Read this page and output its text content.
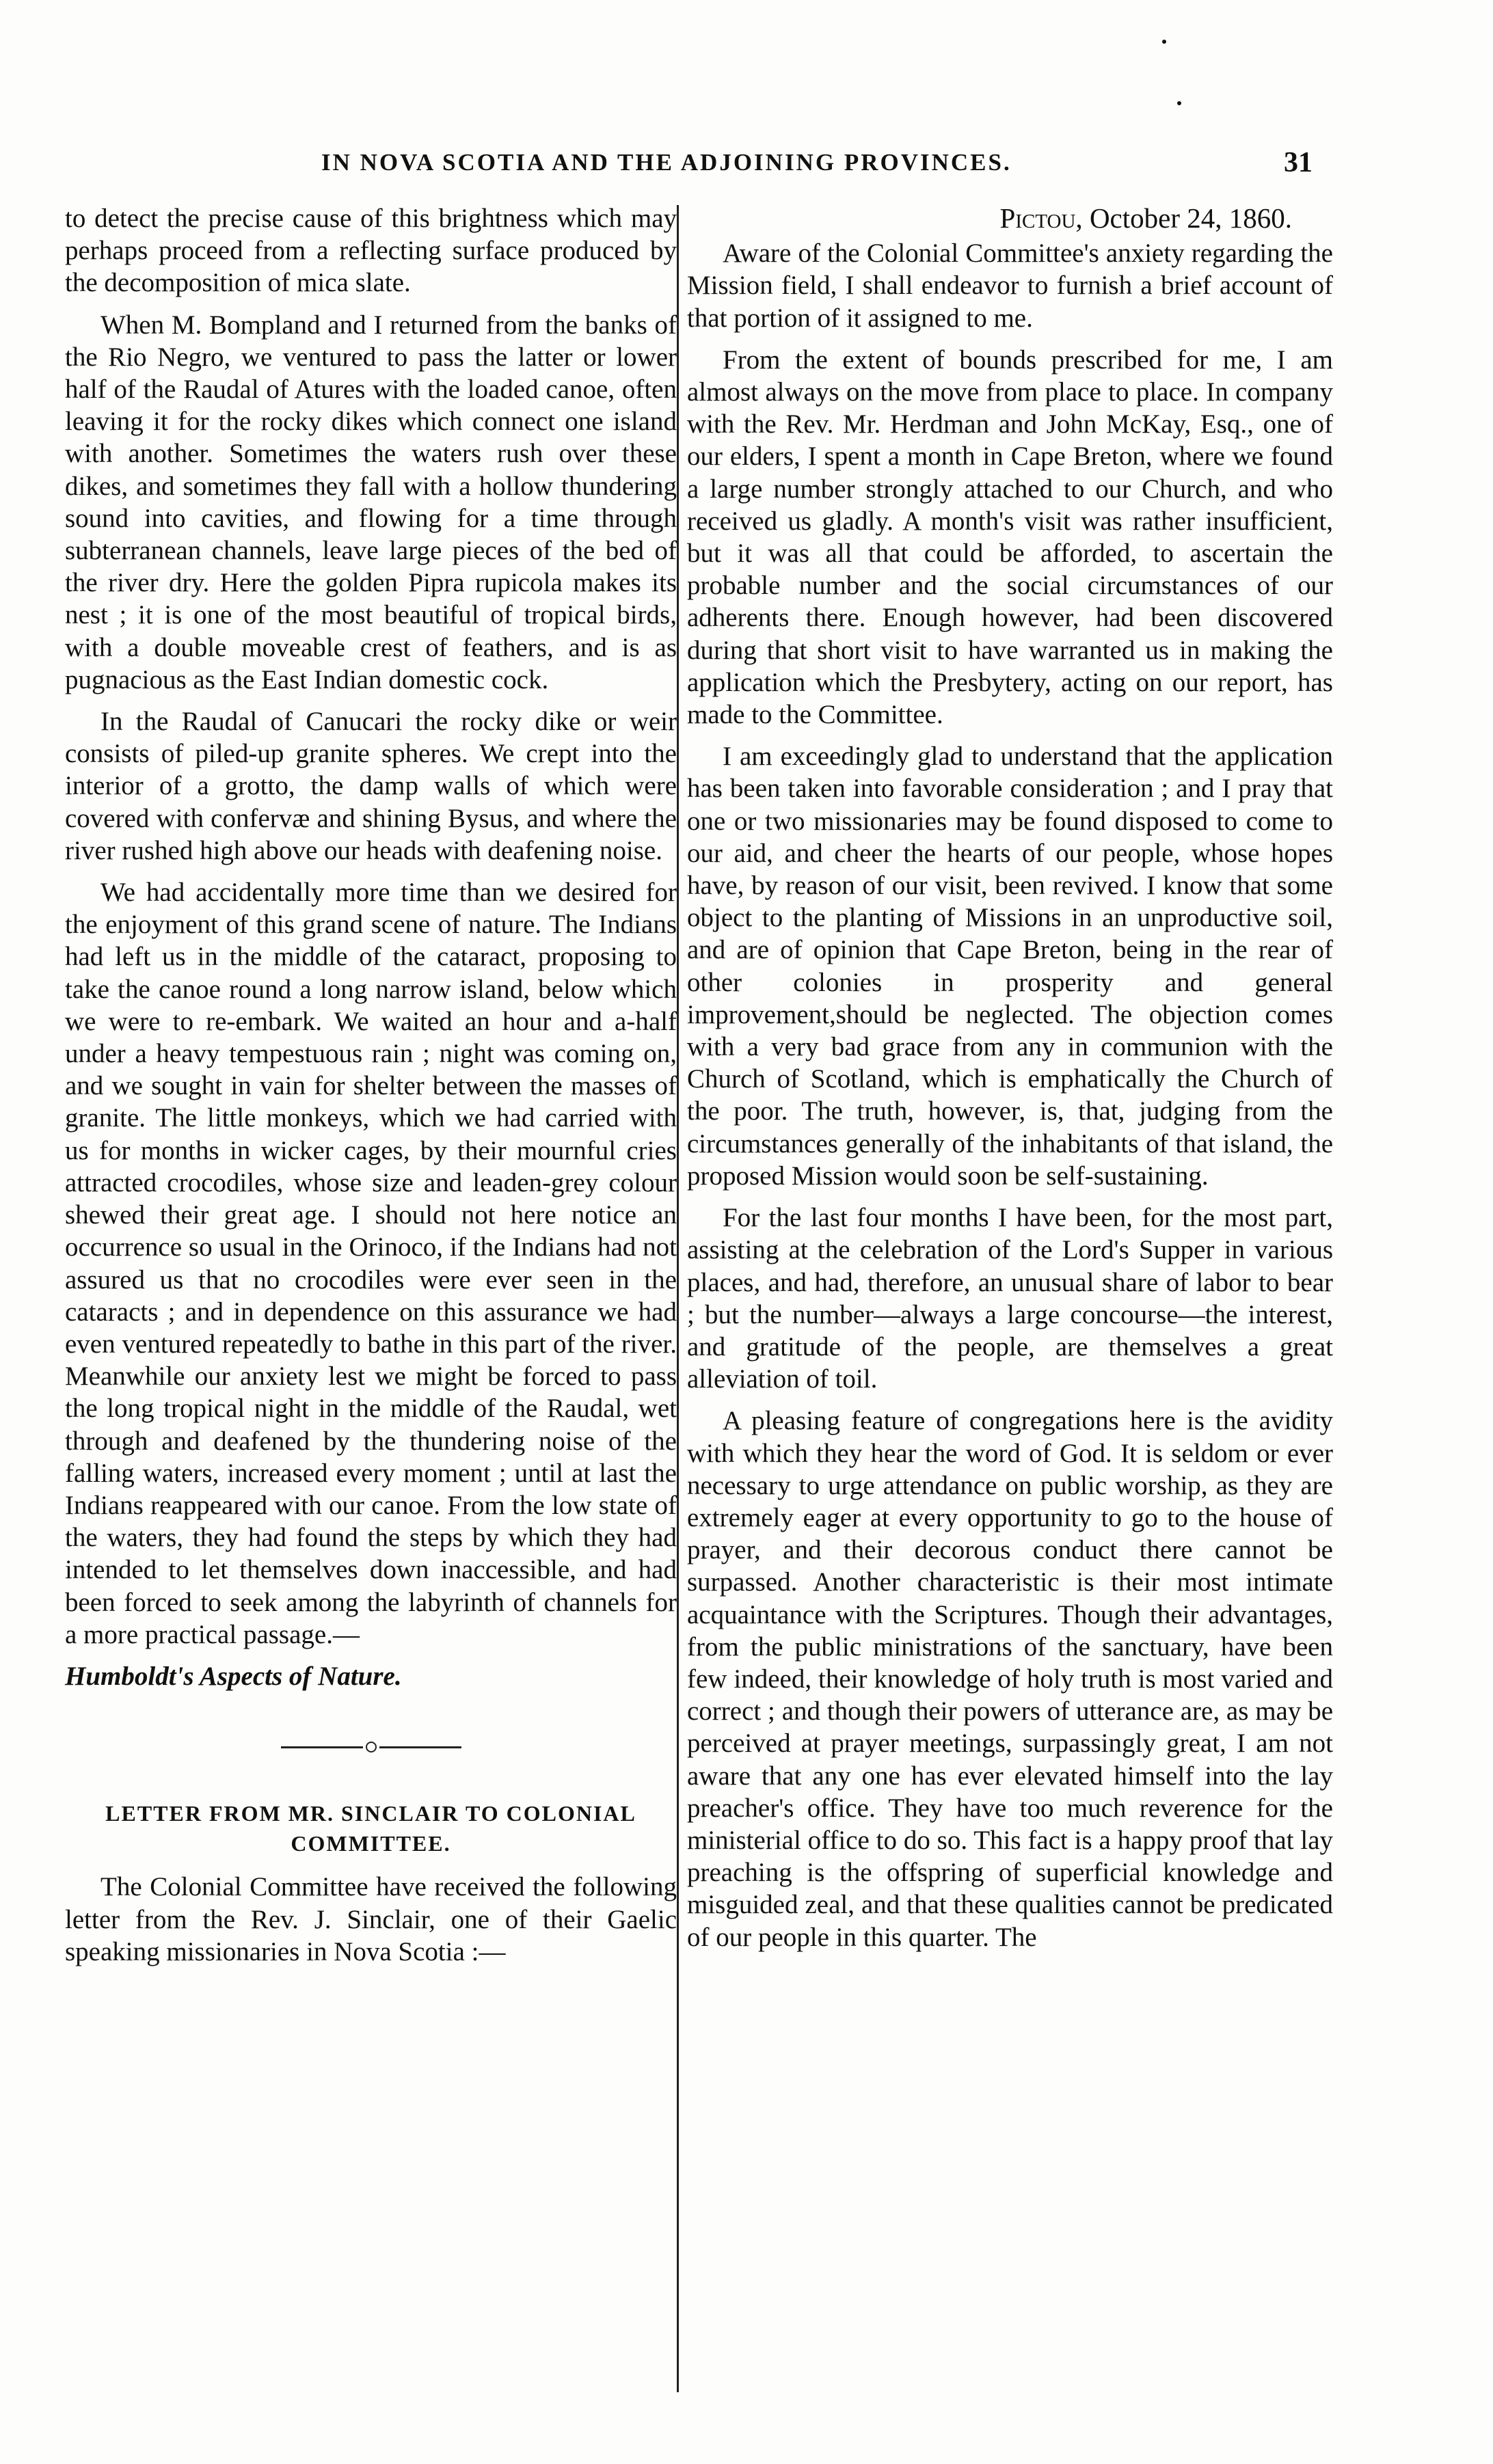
IN NOVA SCOTIA AND THE ADJOINING PROVINCES.	31

to detect the precise cause of this brightness which may perhaps proceed from a reflecting surface produced by the decomposition of mica slate.

When M. Bompland and I returned from the banks of the Rio Negro, we ventured to pass the latter or lower half of the Raudal of Atures with the loaded canoe, often leaving it for the rocky dikes which connect one island with another. Sometimes the waters rush over these dikes, and sometimes they fall with a hollow thundering sound into cavities, and flowing for a time through subterranean channels, leave large pieces of the bed of the river dry. Here the golden Pipra rupicola makes its nest ; it is one of the most beautiful of tropical birds, with a double moveable crest of feathers, and is as pugnacious as the East Indian domestic cock.

In the Raudal of Canucari the rocky dike or weir consists of piled-up granite spheres. We crept into the interior of a grotto, the damp walls of which were covered with confervæ and shining Bysus, and where the river rushed high above our heads with deafening noise.

We had accidentally more time than we desired for the enjoyment of this grand scene of nature. The Indians had left us in the middle of the cataract, proposing to take the canoe round a long narrow island, below which we were to re-embark. We waited an hour and a-half under a heavy tempestuous rain ; night was coming on, and we sought in vain for shelter between the masses of granite. The little monkeys, which we had carried with us for months in wicker cages, by their mournful cries attracted crocodiles, whose size and leaden-grey colour shewed their great age. I should not here notice an occurrence so usual in the Orinoco, if the Indians had not assured us that no crocodiles were ever seen in the cataracts ; and in dependence on this assurance we had even ventured repeatedly to bathe in this part of the river. Meanwhile our anxiety lest we might be forced to pass the long tropical night in the middle of the Raudal, wet through and deafened by the thundering noise of the falling waters, increased every moment ; until at last the Indians reappeared with our canoe. From the low state of the waters, they had found the steps by which they had intended to let themselves down inaccessible, and had been forced to seek among the labyrinth of channels for a more practical passage.—

Humboldt's Aspects of Nature.

LETTER FROM MR. SINCLAIR TO COLONIAL
COMMITTEE.

The Colonial Committee have received the following letter from the Rev. J. Sinclair, one of their Gaelic speaking missionaries in Nova Scotia :—

Pictou, October 24, 1860.

Aware of the Colonial Committee's anxiety regarding the Mission field, I shall endeavor to furnish a brief account of that portion of it assigned to me.

From the extent of bounds prescribed for me, I am almost always on the move from place to place. In company with the Rev. Mr. Herdman and John McKay, Esq., one of our elders, I spent a month in Cape Breton, where we found a large number strongly attached to our Church, and who received us gladly. A month's visit was rather insufficient, but it was all that could be afforded, to ascertain the probable number and the social circumstances of our adherents there. Enough however, had been discovered during that short visit to have warranted us in making the application which the Presbytery, acting on our report, has made to the Committee.

I am exceedingly glad to understand that the application has been taken into favorable consideration ; and I pray that one or two missionaries may be found disposed to come to our aid, and cheer the hearts of our people, whose hopes have, by reason of our visit, been revived. I know that some object to the planting of Missions in an unproductive soil, and are of opinion that Cape Breton, being in the rear of other colonies in prosperity and general improvement,should be neglected. The objection comes with a very bad grace from any in communion with the Church of Scotland, which is emphatically the Church of the poor. The truth, however, is, that, judging from the circumstances generally of the inhabitants of that island, the proposed Mission would soon be self-sustaining.

For the last four months I have been, for the most part, assisting at the celebration of the Lord's Supper in various places, and had, therefore, an unusual share of labor to bear ; but the number—always a large concourse—the interest, and gratitude of the people, are themselves a great alleviation of toil.

A pleasing feature of congregations here is the avidity with which they hear the word of God. It is seldom or ever necessary to urge attendance on public worship, as they are extremely eager at every opportunity to go to the house of prayer, and their decorous conduct there cannot be surpassed. Another characteristic is their most intimate acquaintance with the Scriptures. Though their advantages, from the public ministrations of the sanctuary, have been few indeed, their knowledge of holy truth is most varied and correct ; and though their powers of utterance are, as may be perceived at prayer meetings, surpassingly great, I am not aware that any one has ever elevated himself into the lay preacher's office. They have too much reverence for the ministerial office to do so. This fact is a happy proof that lay preaching is the offspring of superficial knowledge and misguided zeal, and that these qualities cannot be predicated of our people in this quarter. The
